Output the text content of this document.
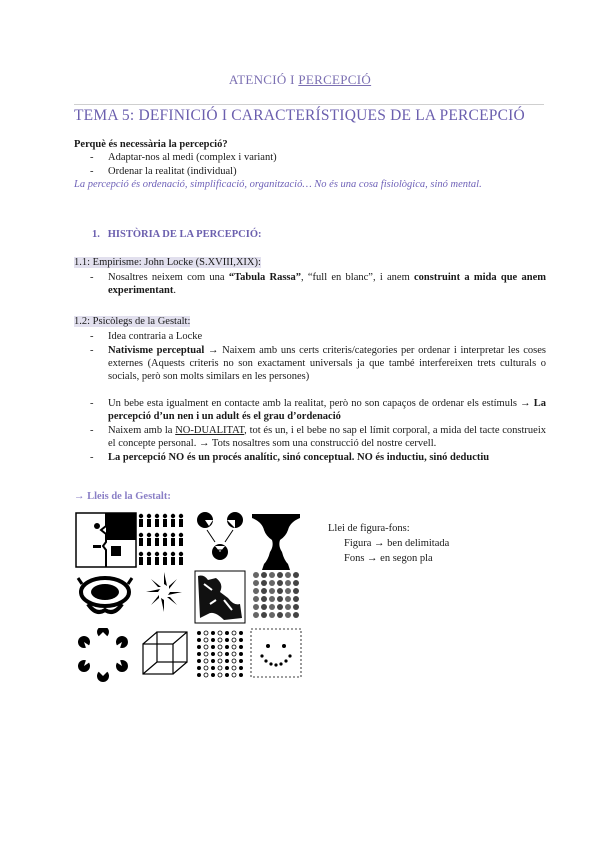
ATENCIÓ I PERCEPCIÓ
TEMA 5: DEFINICIÓ I CARACTERÍSTIQUES DE LA PERCEPCIÓ
Perquè és necessària la percepció?
-	Adaptar-nos al medi (complex i variant)
-	Ordenar la realitat (individual)
La percepció és ordenació, simplificació, organització… No és una cosa fisiològica, sinó mental.
1. HISTÒRIA DE LA PERCEPCIÓ:
1.1: Empirisme: John Locke (S.XVIII,XIX):
-	Nosaltres neixem com una “Tabula Rassa”, “full en blanc”, i anem construint a mida que anem experimentant.
1.2: Psicòlegs de la Gestalt:
-	Idea contraria a Locke
-	Nativisme perceptual → Naixem amb uns certs criteris/categories per ordenar i interpretar les coses externes (Aquests criteris no son exactament universals ja que també interfereixen trets culturals o socials, però son molts similars en les persones)
-	Un bebe esta igualment en contacte amb la realitat, però no son capaços de ordenar els estímuls → La percepció d’un nen i un adult és el grau d’ordenació
-	Naixem amb la NO-DUALITAT, tot és un, i el bebe no sap el límit corporal, a mida del tacte construeix el concepte personal. → Tots nosaltres som una construcció del nostre cervell.
-	La percepció NO és un procés analític, sinó conceptual. NO és inductiu, sinó deductiu
→ Lleis de la Gestalt:
Llei de figura-fons:
Figura → ben delimitada
Fons → en segon pla
